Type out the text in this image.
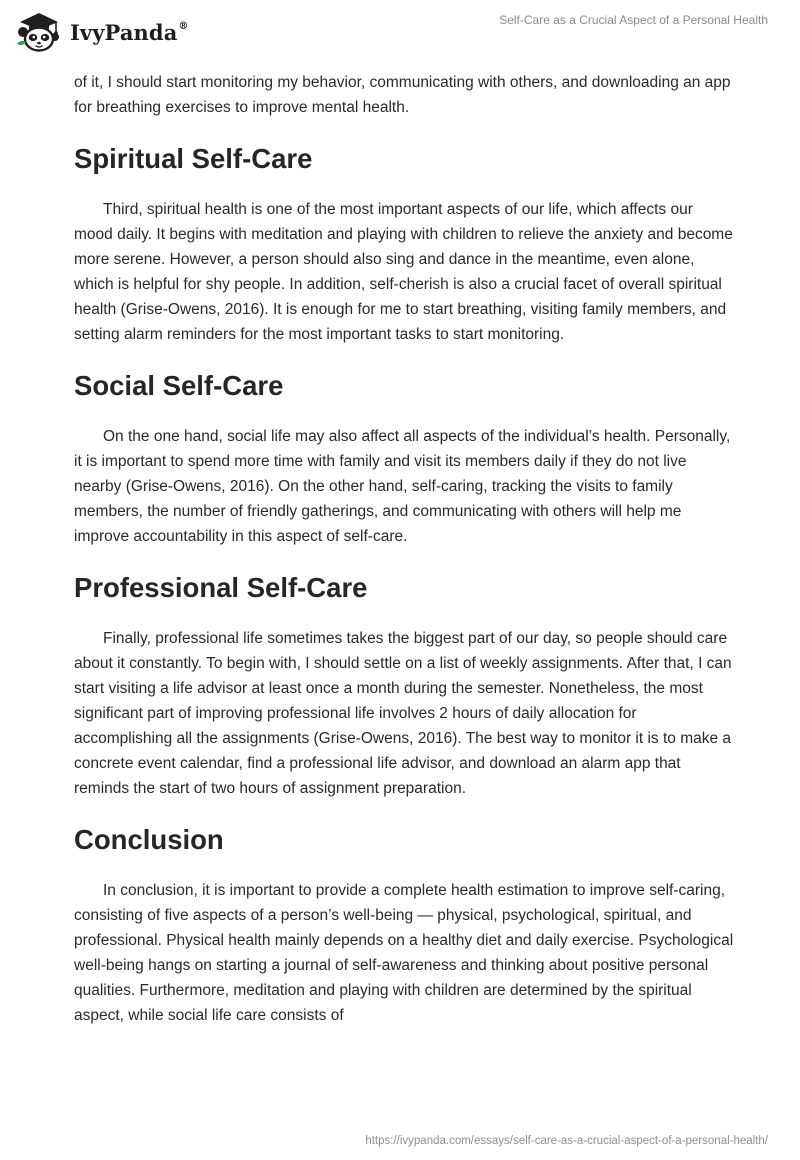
IvyPanda®	Self-Care as a Crucial Aspect of a Personal Health

of it, I should start monitoring my behavior, communicating with others, and downloading an app for breathing exercises to improve mental health.

Spiritual Self-Care

Third, spiritual health is one of the most important aspects of our life, which affects our mood daily. It begins with meditation and playing with children to relieve the anxiety and become more serene. However, a person should also sing and dance in the meantime, even alone, which is helpful for shy people. In addition, self-cherish is also a crucial facet of overall spiritual health (Grise-Owens, 2016). It is enough for me to start breathing, visiting family members, and setting alarm reminders for the most important tasks to start monitoring.

Social Self-Care

On the one hand, social life may also affect all aspects of the individual’s health. Personally, it is important to spend more time with family and visit its members daily if they do not live nearby (Grise-Owens, 2016). On the other hand, self-caring, tracking the visits to family members, the number of friendly gatherings, and communicating with others will help me improve accountability in this aspect of self-care.

Professional Self-Care

Finally, professional life sometimes takes the biggest part of our day, so people should care about it constantly. To begin with, I should settle on a list of weekly assignments. After that, I can start visiting a life advisor at least once a month during the semester. Nonetheless, the most significant part of improving professional life involves 2 hours of daily allocation for accomplishing all the assignments (Grise-Owens, 2016). The best way to monitor it is to make a concrete event calendar, find a professional life advisor, and download an alarm app that reminds the start of two hours of assignment preparation.

Conclusion

In conclusion, it is important to provide a complete health estimation to improve self-caring, consisting of five aspects of a person’s well-being — physical, psychological, spiritual, and professional. Physical health mainly depends on a healthy diet and daily exercise. Psychological well-being hangs on starting a journal of self-awareness and thinking about positive personal qualities. Furthermore, meditation and playing with children are determined by the spiritual aspect, while social life care consists of

https://ivypanda.com/essays/self-care-as-a-crucial-aspect-of-a-personal-health/
